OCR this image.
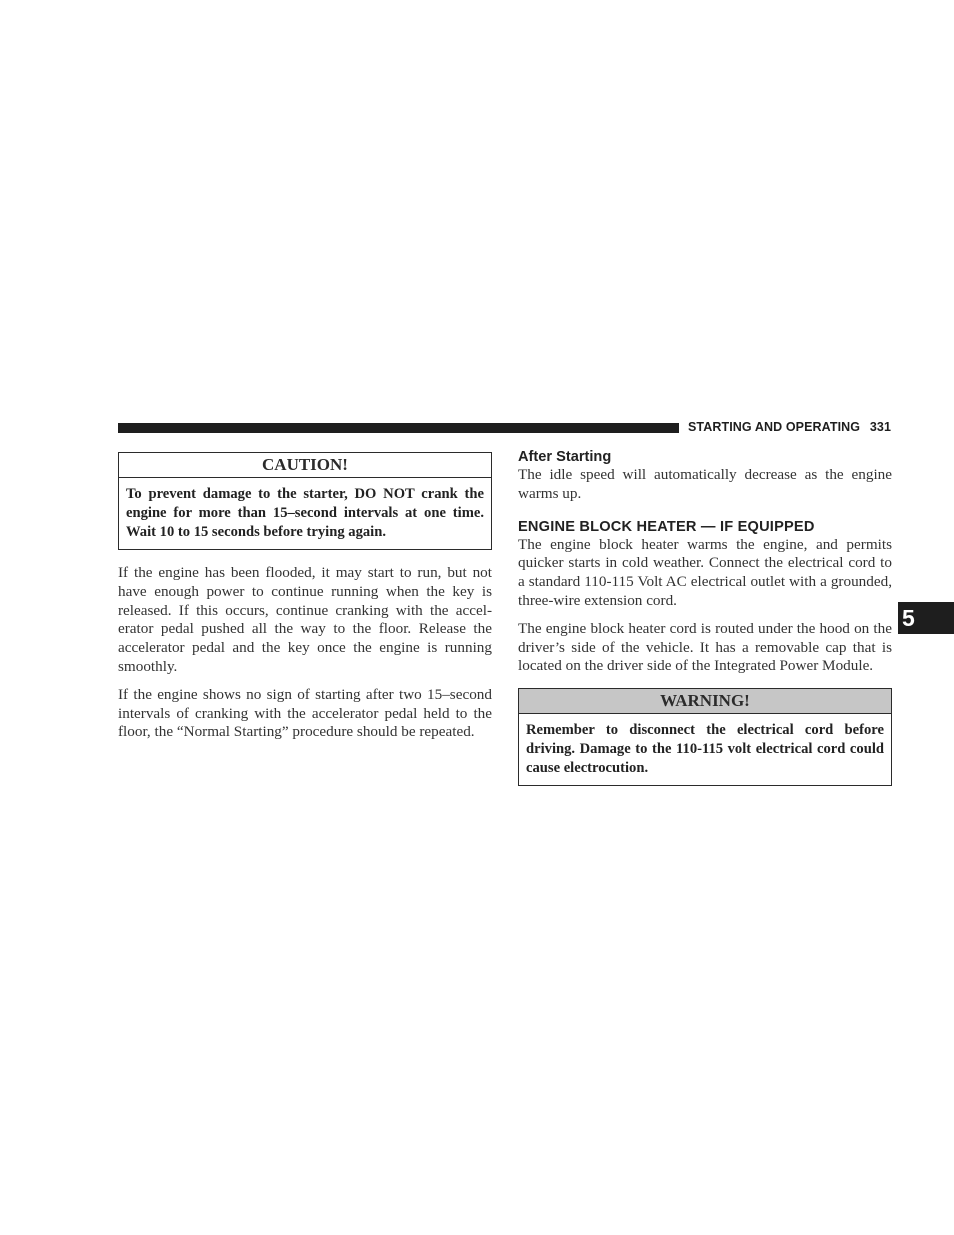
STARTING AND OPERATING 331
5
CAUTION!
To prevent damage to the starter, DO NOT crank the engine for more than 15–second intervals at one time. Wait 10 to 15 seconds before trying again.

If the engine has been flooded, it may start to run, but not have enough power to continue running when the key is released. If this occurs, continue cranking with the accelerator pedal pushed all the way to the floor. Release the accelerator pedal and the key once the engine is running smoothly.

If the engine shows no sign of starting after two 15–second intervals of cranking with the accelerator pedal held to the floor, the “Normal Starting” procedure should be repeated.

After Starting

The idle speed will automatically decrease as the engine warms up.

ENGINE BLOCK HEATER — IF EQUIPPED

The engine block heater warms the engine, and permits quicker starts in cold weather. Connect the electrical cord to a standard 110-115 Volt AC electrical outlet with a grounded, three-wire extension cord.

The engine block heater cord is routed under the hood on the driver’s side of the vehicle. It has a removable cap that is located on the driver side of the Integrated Power Module.

WARNING!
Remember to disconnect the electrical cord before driving. Damage to the 110-115 volt electrical cord could cause electrocution.
